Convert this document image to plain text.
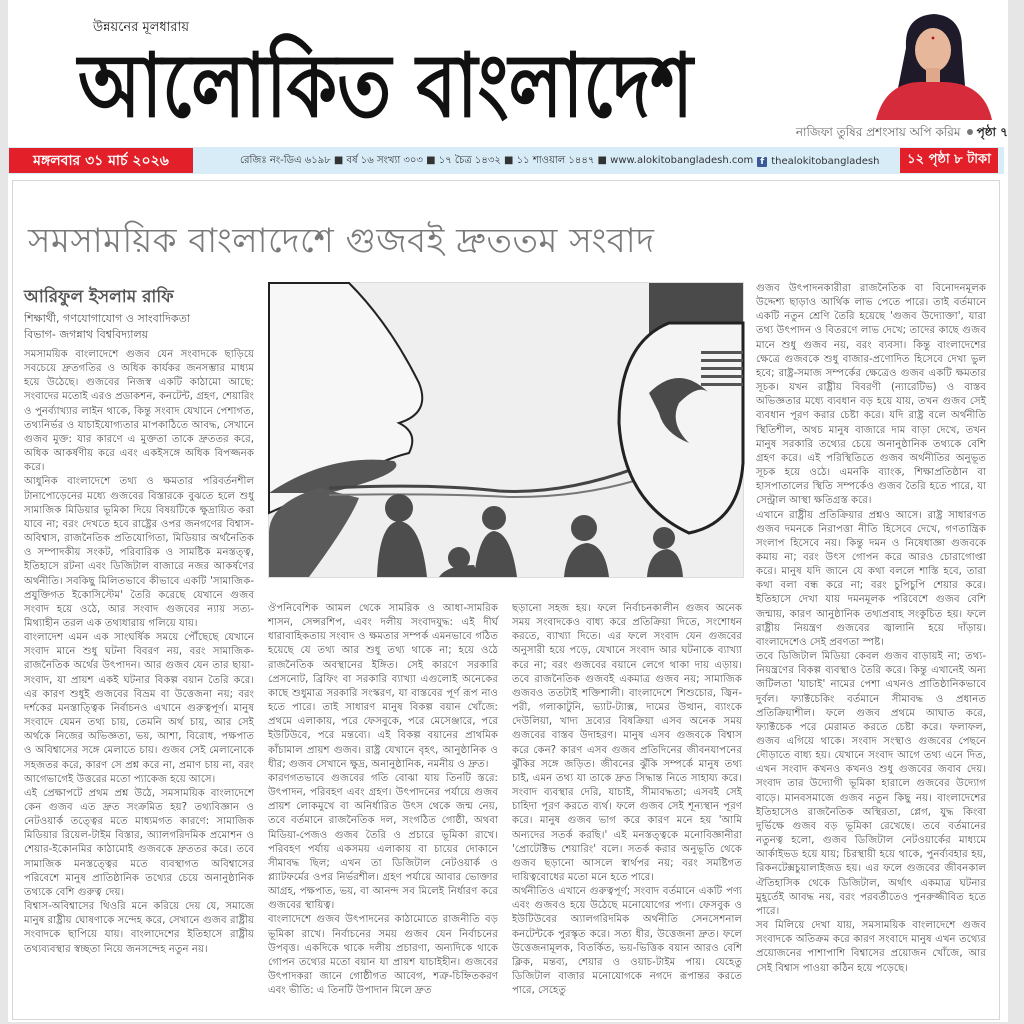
উন্নয়নের মূলধারায়
আলোকিত বাংলাদেশ
নাজিফা তুষির প্রশংসায় অপি করিম পৃষ্ঠা ৭
মঙ্গলবার ৩১ মার্চ ২০২৬	রেজিঃ নং-ডিএ ৬১৯৮ ■ বর্ষ ১৬ সংখ্যা ৩০৩ ■ ১৭ চৈত্র ১৪৩২ ■ ১১ শাওয়াল ১৪৪৭ ■ www.alokitobangladesh.com f thealokitobangladesh	১২ পৃষ্ঠা ৮ টাকা
সমসাময়িক বাংলাদেশে গুজবই দ্রুততম সংবাদ
আরিফুল ইসলাম রাফি
শিক্ষার্থী, গণযোগাযোগ ও সাংবাদিকতা
বিভাগ- জগন্নাথ বিশ্ববিদ্যালয়

সমসাময়িক বাংলাদেশে গুজব যেন সংবাদকে ছাড়িয়ে সবচেয়ে দ্রুতগতির ও অধিক কার্যকর জনসম্ভার মাধ্যম হয়ে উঠেছে। গুজবের নিজস্ব একটি কাঠামো আছে: সংবাদের মতোই এরও প্রডাকশন, কনটেন্ট, গ্রহণ, শেয়ারিং ও পুনর্ব্যাখ্যার লাইন থাকে, কিন্তু সংবাদ যেখানে পেশাগত, তথ্যনির্ভর ও যাচাইযোগ্যতার মাপকাঠিতে আবদ্ধ, সেখানে গুজব মুক্ত: যার কারণে এ মুক্ততা তাকে দ্রুততর করে, অধিক আকর্ষণীয় করে এবং একইসঙ্গে অধিক বিপজ্জনক করে।

আধুনিক বাংলাদেশে তথ্য ও ক্ষমতার পরিবর্তনশীল টানাপোড়েনের মধ্যে গুজবের বিস্তারকে বুঝতে হলে শুধু সামাজিক মিডিয়ার ভূমিকা দিয়ে বিষয়টিকে ক্ষুদ্রায়িত করা যাবে না; বরং দেখতে হবে রাষ্ট্রের ওপর জনগণের বিশ্বাস-অবিশ্বাস, রাজনৈতিক প্রতিযোগিতা, মিডিয়ার অর্থনৈতিক ও সম্পাদকীয় সংকট, পরিবারিক ও সামষ্টিক মনস্তত্ত্ব, ইতিহাসে রটনা এবং ডিজিটাল বাজারে নজর আকর্ষণের অর্থনীতি। সবকিছু মিলিতভাবে কীভাবে একটি 'সামাজিক-প্রযুক্তিগত ইকোসিস্টেম' তৈরি করেছে যেখানে গুজব সংবাদ হয়ে ওঠে, আর সংবাদ গুজবের ন্যায় সত্য-মিথ্যাহীন তরল এক তথ্যধারায় গলিয়ে যায়।

বাংলাদেশ এমন এক সাংঘর্ষিক সময়ে পৌঁছেছে যেখানে সংবাদ মানে শুধু ঘটনা বিবরণ নয়, বরং সামাজিক-রাজনৈতিক অর্থের উৎপাদন। আর গুজব যেন তার ছায়া-সংবাদ, যা প্রায়শ একই ঘটনার বিকল্প বয়ান তৈরি করে। এর কারণ শুধুই গুজবের বিভ্রম বা উত্তেজনা নয়; বরং দর্শকের মনস্তাত্ত্বিক নির্বাচনও এখানে গুরুত্বপূর্ণ। মানুষ সংবাদে যেমন তথ্য চায়, তেমনি অর্থ চায়, আর সেই অর্থকে নিজের অভিজ্ঞতা, ভয়, আশা, বিরোধ, পক্ষপাত ও অবিশ্বাসের সঙ্গে মেলাতে চায়। গুজব সেই মেলানোকে সহজতর করে, কারণ সে প্রশ্ন করে না, প্রমাণ চায় না, বরং আগেভাগেই উত্তরের মতো প্যাকেজ হয়ে আসে।

এই প্রেক্ষাপটে প্রথম প্রশ্ন উঠে, সমসাময়িক বাংলাদেশে কেন গুজব এত দ্রুত সংক্রমিত হয়? তথ্যবিজ্ঞান ও নেটওয়ার্ক তত্ত্বের মতে মাধ্যমগত কারণে: সামাজিক মিডিয়ার রিয়েল-টাইম বিস্তার, অ্যালগরিদমিক প্রমোশন ও শেয়ার-ইকোনমির কাঠামোই গুজবকে দ্রুততর করে। তবে সামাজিক মনস্তত্ত্বের মতে ব্যবস্থাগত অবিশ্বাসের পরিবেশে মানুষ প্রাতিষ্ঠানিক তথ্যের চেয়ে অনানুষ্ঠানিক তথ্যকে বেশি গুরুত্ব দেয়।

বিশ্বাস-অবিশ্বাসের থিওরি মনে করিয়ে দেয় যে, সমাজে মানুষ রাষ্ট্রীয় ঘোষণাকে সন্দেহ করে, সেখানে গুজব রাষ্ট্রীয় সংবাদকে ছাপিয়ে যায়। বাংলাদেশের ইতিহাসে রাষ্ট্রীয় তথ্যব্যবস্থার স্বচ্ছতা নিয়ে জনসন্দেহ নতুন নয়।

ঔপনিবেশিক আমল থেকে সামরিক ও আধা-সামরিক শাসন, সেন্সরশিপ, এবং দলীয় সংবাদযুদ্ধ: এই দীর্ঘ ধারাবাহিকতায় সংবাদ ও ক্ষমতার সম্পর্ক এমনভাবে গঠিত হয়েছে যে তথ্য আর শুধু তথ্য থাকে না; হয়ে ওঠে রাজনৈতিক অবস্থানের ইঙ্গিত। সেই কারণে সরকারি প্রেসনোট, ব্রিফিং বা সরকারি ব্যাখ্যা এগুলোই অনেকের কাছে শুধুমাত্র সরকারি সংস্করণ, যা বাস্তবের পূর্ণ রূপ নাও হতে পারে। তাই সাধারণ মানুষ বিকল্প বয়ান খোঁজে: প্রথমে এলাকায়, পরে ফেসবুকে, পরে মেসেঞ্জারে, পরে ইউটিউবে, পরে মন্তব্যে। এই বিকল্প বয়ানের প্রাথমিক কাঁচামাল প্রায়শ গুজব। রাষ্ট্র যেখানে বৃহৎ, আনুষ্ঠানিক ও ধীর; গুজব সেখানে ক্ষুদ্র, অনানুষ্ঠানিক, নমনীয় ও দ্রুত।

কারণগতভাবে গুজবের গতি বোঝা যায় তিনটি স্তরে: উৎপাদন, পরিবহণ এবং গ্রহণ। উৎপাদনের পর্যায়ে গুজব প্রায়শ লোকমুখে বা অনির্ধারিত উৎস থেকে জন্ম নেয়, তবে বর্তমানে রাজনৈতিক দল, সংগঠিত গোষ্ঠী, অথবা মিডিয়া-পেজও গুজব তৈরি ও প্রচারে ভূমিকা রাখে। পরিবহণ পর্যায় একসময় এলাকায় বা চায়ের দোকানে সীমাবদ্ধ ছিল; এখন তা ডিজিটাল নেটওয়ার্ক ও প্ল্যাটফর্মের ওপর নির্ভরশীল। গ্রহণ পর্যায়ে আবার ভোক্তার আগ্রহ, পক্ষপাত, ভয়, বা আনন্দ সব মিলেই নির্ধারণ করে গুজবের স্থায়িত্ব।

বাংলাদেশে গুজব উৎপাদনের কাঠামোতে রাজনীতি বড় ভূমিকা রাখে। নির্বাচনের সময় গুজব যেন নির্বাচনের উপবৃত্ত। একদিকে থাকে দলীয় প্রচারণা, অন্যদিকে থাকে গোপন তথ্যের মতো বয়ান যা প্রায়শ যাচাইহীন। গুজবের উৎপাদকরা জানে গোষ্ঠীগত আবেগ, শত্রু-চিহ্নিতকরণ এবং ভীতি: এ তিনটি উপাদান মিলে দ্রুত

ছড়ানো সহজ হয়। ফলে নির্বাচনকালীন গুজব অনেক সময় সংবাদকেও বাধ্য করে প্রতিক্রিয়া দিতে, সংশোধন করতে, ব্যাখ্যা দিতে। এর ফলে সংবাদ যেন গুজবের অনুসারী হয়ে পড়ে, যেখানে সংবাদ আর ঘটনাকে ব্যাখ্যা করে না; বরং গুজবের বয়ানে লেগে থাকা দায় এড়ায়। তবে রাজনৈতিক গুজবই একমাত্র গুজব নয়; সামাজিক গুজবও ততটাই শক্তিশালী। বাংলাদেশে শিশুচোর, জ্বিন-পরী, গলাকাটুনি, ভ্যাট-ট্যাক্স, দামের উত্থান, ব্যাংকে দেউলিয়া, খাদ্য দ্রব্যের বিষক্রিয়া এসব অনেক সময় গুজবের বাস্তব উদাহরণ। মানুষ এসব গুজবকে বিশ্বাস করে কেন? কারণ এসব গুজব প্রতিদিনের জীবনযাপনের ঝুঁকির সঙ্গে জড়িত। জীবনের ঝুঁকি সম্পর্কে মানুষ তথ্য চাই, এমন তথ্য যা তাকে দ্রুত সিদ্ধান্ত নিতে সাহায্য করে। সংবাদ ব্যবস্থার দেরি, যাচাই, সীমাবদ্ধতা; এসবই সেই চাহিদা পূরণ করতে ব্যর্থ। ফলে গুজব সেই শূন্যস্থান পূরণ করে। মানুষ গুজব ভাগ করে কারণ মনে হয় 'আমি অন্যদের সতর্ক করছি।' এই মনস্তত্ত্বকে মনোবিজ্ঞানীরা 'প্রোটেক্টিভ শেয়ারিং' বলে। সতর্ক করার অনুভূতি থেকে গুজব ছড়ানো আসলে স্বার্থপর নয়; বরং সমষ্টিগত দায়িত্ববোধের মতো মনে হতে পারে।

অর্থনীতিও এখানে গুরুত্বপূর্ণ; সংবাদ বর্তমানে একটি পণ্য এবং গুজবও হয়ে উঠেছে মনোযোগের পণ্য। ফেসবুক ও ইউটিউবের অ্যালগরিদমিক অর্থনীতি সেনসেশনাল কনটেন্টকে পুরস্কৃত করে। সত্য ধীর, উত্তেজনা দ্রুত। ফলে উত্তেজনামূলক, বিতর্কিত, ভয়-ভিত্তিক বয়ান আরও বেশি ক্লিক, মন্তব্য, শেয়ার ও ওয়াচ-টাইম পায়। যেহেতু ডিজিটাল বাজার মনোযোগকে নগদে রূপান্তর করতে পারে, সেহেতু

গুজব উৎপাদনকারীরা রাজনৈতিক বা বিনোদনমূলক উদ্দেশ্য ছাড়াও আর্থিক লাভ পেতে পারে। তাই বর্তমানে একটি নতুন শ্রেণি তৈরি হয়েছে 'গুজব উদ্যোক্তা', যারা তথ্য উৎপাদন ও বিতরণে লাভ দেখে; তাদের কাছে গুজব মানে শুধু গুজব নয়, বরং ব্যবসা। কিন্তু বাংলাদেশের ক্ষেত্রে গুজবকে শুধু বাজার-প্রণোদিত হিসেবে দেখা ভুল হবে; রাষ্ট্র-সমাজ সম্পর্কের ক্ষেত্রেও গুজব একটি ক্ষমতার সূচক। যখন রাষ্ট্রীয় বিবরণী (ন্যারেটিভ) ও বাস্তব অভিজ্ঞতার মধ্যে ব্যবধান বড় হয়ে যায়, তখন গুজব সেই ব্যবধান পূরণ করার চেষ্টা করে। যদি রাষ্ট্র বলে অর্থনীতি স্থিতিশীল, অথচ মানুষ বাজারে দাম বাড়া দেখে, তখন মানুষ সরকারি তথ্যের চেয়ে অনানুষ্ঠানিক তথ্যকে বেশি গ্রহণ করে। এই পরিস্থিতিতে গুজব অর্থনীতির অনুভূত সূচক হয়ে ওঠে। এমনকি ব্যাংক, শিক্ষাপ্রতিষ্ঠান বা হাসপাতালের স্থিতি সম্পর্কেও গুজব তৈরি হতে পারে, যা সেন্ট্রাল আস্থা ক্ষতিগ্রস্ত করে।

এখানে রাষ্ট্রীয় প্রতিক্রিয়ার প্রশ্নও আসে। রাষ্ট্র সাধারণত গুজব দমনকে নিরাপত্তা নীতি হিসেবে দেখে, গণতান্ত্রিক সংলাপ হিসেবে নয়। কিন্তু দমন ও নিষেধাজ্ঞা গুজবকে কমায় না; বরং উৎস গোপন করে আরও চোরাগোপ্তা করে। মানুষ যদি জানে যে কথা বললে শাস্তি হবে, তারা কথা বলা বন্ধ করে না; বরং চুপিচুপি শেয়ার করে। ইতিহাসে দেখা যায় দমনমূলক পরিবেশে গুজব বেশি জন্মায়, কারণ আনুষ্ঠানিক তথ্যপ্রবাহ সংকুচিত হয়। ফলে রাষ্ট্রীয় নিয়ন্ত্রণ গুজবের জ্বালানি হয়ে দাঁড়ায়। বাংলাদেশেও সেই প্রবণতা স্পষ্ট।

তবে ডিজিটাল মিডিয়া কেবল গুজব বাড়ায়ই না; তথ্য-নিয়ন্ত্রণের বিকল্প ব্যবস্থাও তৈরি করে। কিন্তু এখানেই অন্য জটিলতা 'যাচাই' নামের পেশা এখনও প্রাতিষ্ঠানিকভাবে দুর্বল। ফ্যাক্টচেকিং বর্তমানে সীমাবদ্ধ ও প্রধানত প্রতিক্রিয়াশীল। ফলে গুজব প্রথমে আঘাত করে, ফ্যাক্টচেক পরে মেরামত করতে চেষ্টা করে। ফলাফল, গুজব এগিয়ে থাকে। সংবাদ সংস্থাও গুজবের পেছনে দৌড়াতে বাধ্য হয়। যেখানে সংবাদ আগে তথ্য এনে দিত, এখন সংবাদ কখনও কখনও শুধু গুজবের জবাব দেয়। সংবাদ তার উদ্যোগী ভূমিকা হারালে গুজবের উদ্যোগ বাড়ে। মানবসমাজে গুজব নতুন কিছু নয়। বাংলাদেশের ইতিহাসেও রাজনৈতিক অস্থিরতা, প্লেগ, যুদ্ধ কিংবা দুর্ভিক্ষে গুজব বড় ভূমিকা রেখেছে। তবে বর্তমানের নতুনত্ব হলো, গুজব ডিজিটাল নেটওয়ার্কের মাধ্যমে আর্কাইভড হয়ে যায়; চিরস্থায়ী হয়ে থাকে, পুনর্ব্যবহার হয়, রিকনটেক্সচুয়ালাইজড হয়। এর ফলে গুজবের জীবনকাল ঐতিহাসিক থেকে ডিজিটাল, অর্থাৎ একমাত্র ঘটনার মুহূর্তেই আবদ্ধ নয়, বরং পরবর্তীতেও পুনরুজ্জীবিত হতে পারে।

সব মিলিয়ে দেখা যায়, সমসাময়িক বাংলাদেশে গুজব সংবাদকে অতিক্রম করে কারণ সংবাদে মানুষ এখন তথ্যের প্রয়োজনের পাশাপাশি বিশ্বাসের প্রয়োজন খোঁজে, আর সেই বিশ্বাস পাওয়া কঠিন হয়ে পড়েছে।
